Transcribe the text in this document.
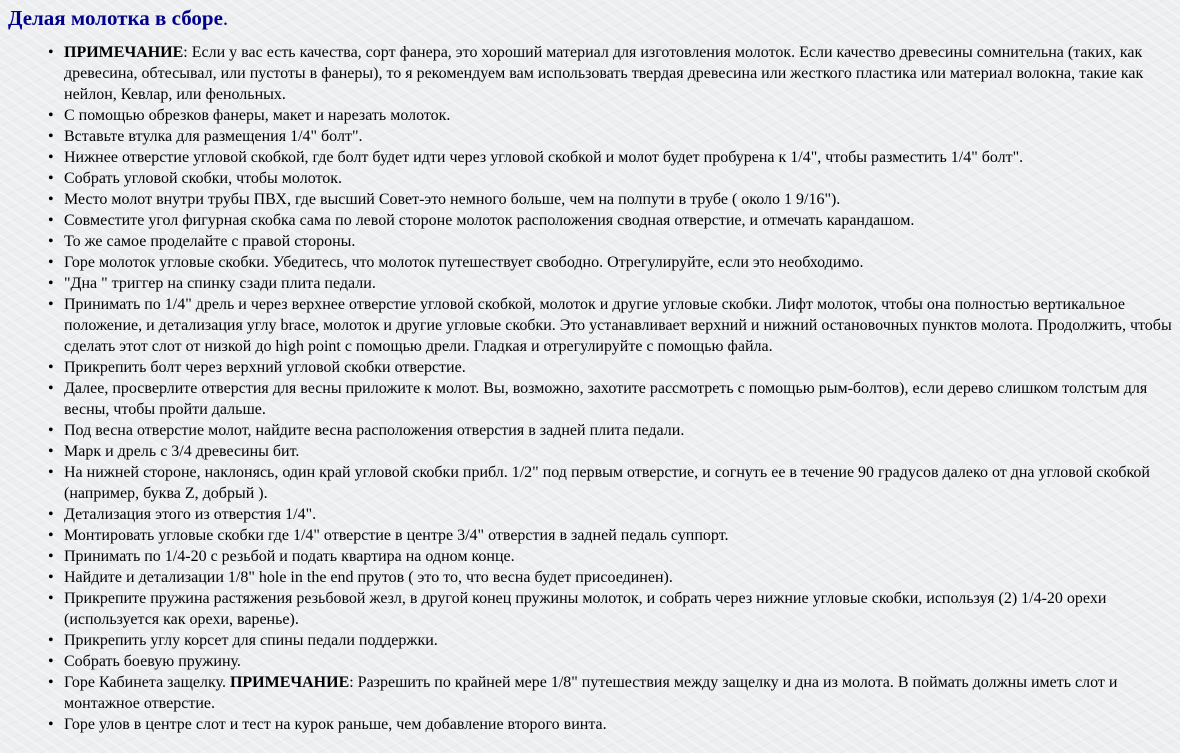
Делая молотка в сборе.
• ПРИМЕЧАНИЕ: Если у вас есть качества, сорт фанера, это хороший материал для изготовления молоток. Если качество древесины сомнительна (таких, как древесина, обтесывал, или пустоты в фанеры), то я рекомендуем вам использовать твердая древесина или жесткого пластика или материал волокна, такие как нейлон, Кевлар, или фенольных.
• С помощью обрезков фанеры, макет и нарезать молоток.
• Вставьте втулка для размещения 1/4" болт".
• Нижнее отверстие угловой скобкой, где болт будет идти через угловой скобкой и молот будет пробурена к 1/4", чтобы разместить 1/4" болт".
• Собрать угловой скобки, чтобы молоток.
• Место молот внутри трубы ПВХ, где высший Совет-это немного больше, чем на полпути в трубе ( около 1 9/16").
• Совместите угол фигурная скобка сама по левой стороне молоток расположения сводная отверстие, и отмечать карандашом.
• То же самое проделайте с правой стороны.
• Горе молоток угловые скобки. Убедитесь, что молоток путешествует свободно. Отрегулируйте, если это необходимо.
• "Дна " триггер на спинку сзади плита педали.
• Принимать по 1/4" дрель и через верхнее отверстие угловой скобкой, молоток и другие угловые скобки. Лифт молоток, чтобы она полностью вертикальное положение, и детализация углу brace, молоток и другие угловые скобки. Это устанавливает верхний и нижний остановочных пунктов молота. Продолжить, чтобы сделать этот слот от низкой до high point с помощью дрели. Гладкая и отрегулируйте с помощью файла.
• Прикрепить болт через верхний угловой скобки отверстие.
• Далее, просверлите отверстия для весны приложите к молот. Вы, возможно, захотите рассмотреть с помощью рым-болтов), если дерево слишком толстым для весны, чтобы пройти дальше.
• Под весна отверстие молот, найдите весна расположения отверстия в задней плита педали.
• Марк и дрель с 3/4 древесины бит.
• На нижней стороне, наклонясь, один край угловой скобки прибл. 1/2" под первым отверстие, и согнуть ее в течение 90 градусов далеко от дна угловой скобкой (например, буква Z, добрый ).
• Детализация этого из отверстия 1/4".
• Монтировать угловые скобки где 1/4" отверстие в центре 3/4" отверстия в задней педаль суппорт.
• Принимать по 1/4-20 с резьбой и подать квартира на одном конце.
• Найдите и детализации 1/8" hole in the end прутов ( это то, что весна будет присоединен).
• Прикрепите пружина растяжения резьбовой жезл, в другой конец пружины молоток, и собрать через нижние угловые скобки, используя (2) 1/4-20 орехи (используется как орехи, варенье).
• Прикрепить углу корсет для спины педали поддержки.
• Собрать боевую пружину.
• Горе Кабинета защелку. ПРИМЕЧАНИЕ: Разрешить по крайней мере 1/8" путешествия между защелку и дна из молота. В поймать должны иметь слот и монтажное отверстие.
• Горе улов в центре слот и тест на курок раньше, чем добавление второго винта.
